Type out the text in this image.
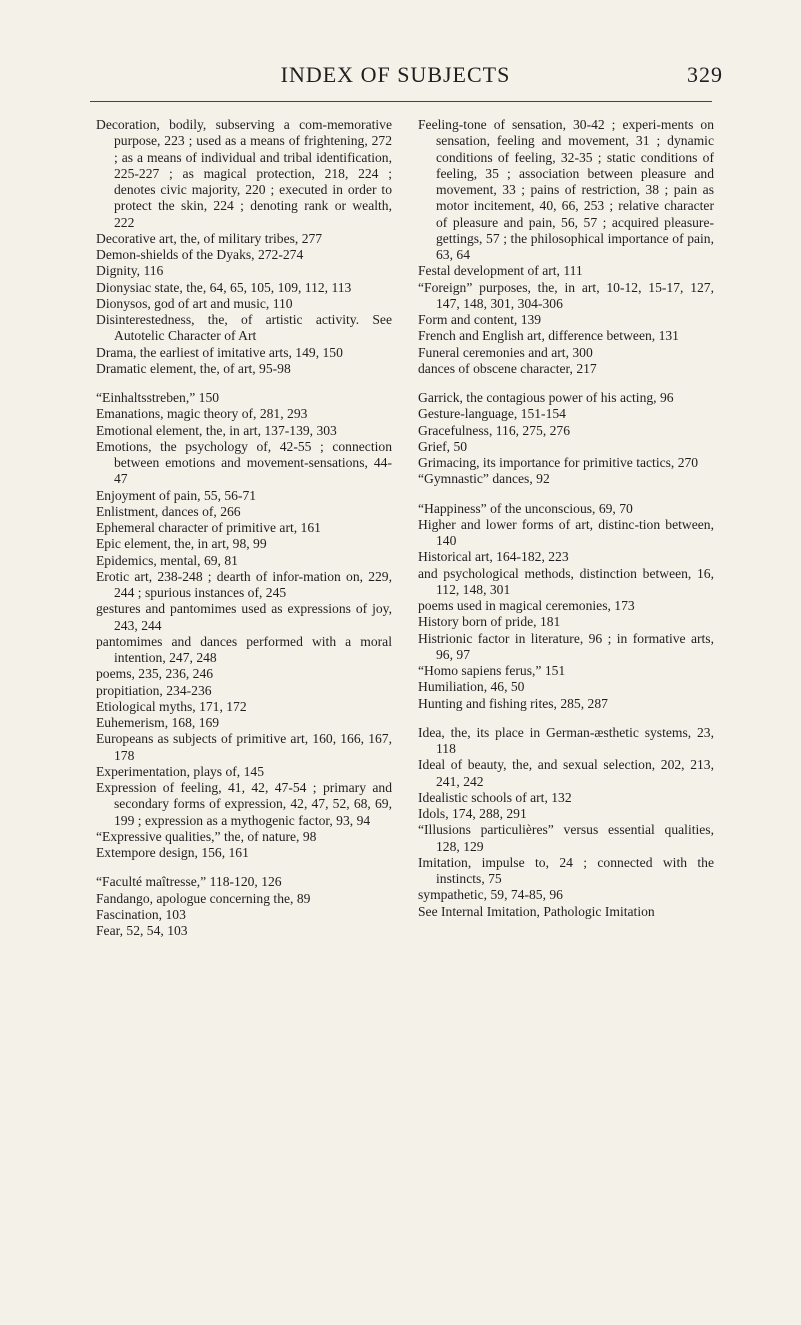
INDEX OF SUBJECTS	329
Decoration, bodily, subserving a com-memorative purpose, 223 ; used as a means of frightening, 272 ; as a means of individual and tribal identification, 225-227 ; as magical protection, 218, 224 ; denotes civic majority, 220 ; executed in order to protect the skin, 224 ; denoting rank or wealth, 222
Decorative art, the, of military tribes, 277
Demon-shields of the Dyaks, 272-274
Dignity, 116
Dionysiac state, the, 64, 65, 105, 109, 112, 113
Dionysos, god of art and music, 110
Disinterestedness, the, of artistic activity. See Autotelic Character of Art
Drama, the earliest of imitative arts, 149, 150
Dramatic element, the, of art, 95-98
“Einhaltsstreben,” 150
Emanations, magic theory of, 281, 293
Emotional element, the, in art, 137-139, 303
Emotions, the psychology of, 42-55 ; connection between emotions and movement-sensations, 44-47
Enjoyment of pain, 55, 56-71
Enlistment, dances of, 266
Ephemeral character of primitive art, 161
Epic element, the, in art, 98, 99
Epidemics, mental, 69, 81
Erotic art, 238-248 ; dearth of infor-mation on, 229, 244 ; spurious instances of, 245
gestures and pantomimes used as expressions of joy, 243, 244
pantomimes and dances performed with a moral intention, 247, 248
poems, 235, 236, 246
propitiation, 234-236
Etiological myths, 171, 172
Euhemerism, 168, 169
Europeans as subjects of primitive art, 160, 166, 167, 178
Experimentation, plays of, 145
Expression of feeling, 41, 42, 47-54 ; primary and secondary forms of expression, 42, 47, 52, 68, 69, 199 ; expression as a mythogenic factor, 93, 94
“Expressive qualities,” the, of nature, 98
Extempore design, 156, 161
“Faculté maîtresse,” 118-120, 126
Fandango, apologue concerning the, 89
Fascination, 103
Fear, 52, 54, 103
Feeling-tone of sensation, 30-42 ; experi-ments on sensation, feeling and movement, 31 ; dynamic conditions of feeling, 32-35 ; static conditions of feeling, 35 ; association between pleasure and movement, 33 ; pains of restriction, 38 ; pain as motor incitement, 40, 66, 253 ; relative character of pleasure and pain, 56, 57 ; acquired pleasure-gettings, 57 ; the philosophical importance of pain, 63, 64
Festal development of art, 111
“Foreign” purposes, the, in art, 10-12, 15-17, 127, 147, 148, 301, 304-306
Form and content, 139
French and English art, difference between, 131
Funeral ceremonies and art, 300
dances of obscene character, 217
Garrick, the contagious power of his acting, 96
Gesture-language, 151-154
Gracefulness, 116, 275, 276
Grief, 50
Grimacing, its importance for primitive tactics, 270
“Gymnastic” dances, 92
“Happiness” of the unconscious, 69, 70
Higher and lower forms of art, distinc-tion between, 140
Historical art, 164-182, 223
and psychological methods, distinction between, 16, 112, 148, 301
poems used in magical ceremonies, 173
History born of pride, 181
Histrionic factor in literature, 96 ; in formative arts, 96, 97
“Homo sapiens ferus,” 151
Humiliation, 46, 50
Hunting and fishing rites, 285, 287
Idea, the, its place in German-æsthetic systems, 23, 118
Ideal of beauty, the, and sexual selection, 202, 213, 241, 242
Idealistic schools of art, 132
Idols, 174, 288, 291
“Illusions particulières” versus essential qualities, 128, 129
Imitation, impulse to, 24 ; connected with the instincts, 75
sympathetic, 59, 74-85, 96
See Internal Imitation, Pathologic Imitation
